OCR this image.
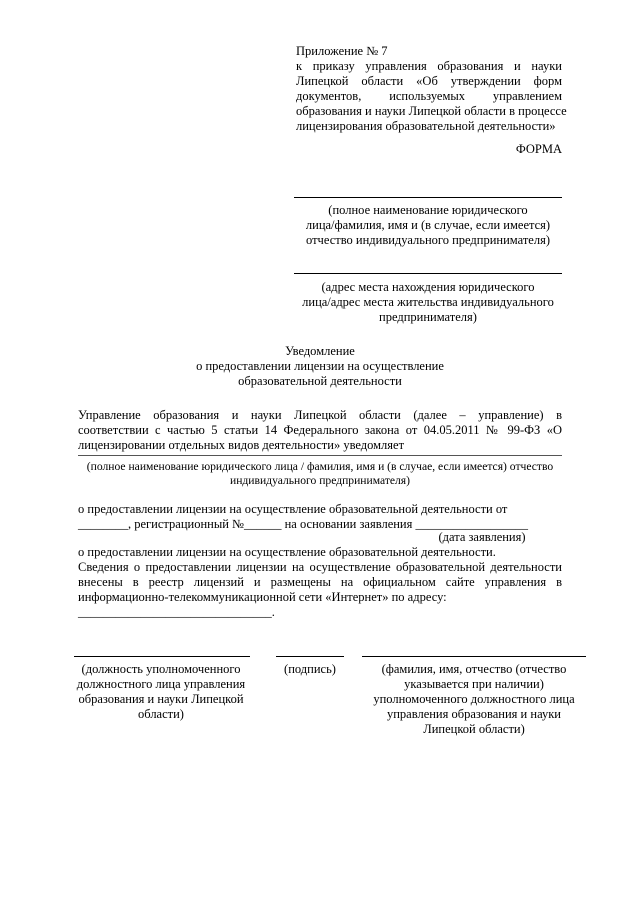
Приложение № 7
к приказу управления образования и науки
Липецкой области «Об утверждении форм
документов, используемых управлением
образования и науки Липецкой области в процессе
лицензирования образовательной деятельности»
ФОРМА
(полное наименование юридического
лица/фамилия, имя и (в случае, если имеется)
отчество индивидуального предпринимателя)
(адрес места нахождения юридического
лица/адрес места жительства индивидуального
предпринимателя)
Уведомление
о предоставлении лицензии на осуществление
образовательной деятельности
Управление образования и науки Липецкой области (далее – управление) в
соответствии с частью 5 статьи 14 Федерального закона от 04.05.2011 № 99-ФЗ «О
лицензировании отдельных видов деятельности» уведомляет
(полное наименование юридического лица / фамилия, имя и (в случае, если имеется) отчество
индивидуального предпринимателя)
о предоставлении лицензии на осуществление образовательной деятельности от
________, регистрационный №______ на основании заявления __________________
(дата заявления)
о предоставлении лицензии на осуществление образовательной деятельности.
Сведения о предоставлении лицензии на осуществление образовательной деятельности
внесены в реестр лицензий и размещены на официальном сайте управления в
информационно-телекоммуникационной сети «Интернет» по адресу:
_______________________________.
(должность уполномоченного
должностного лица управления
образования и науки Липецкой
области)
(подпись)	(фамилия, имя, отчество (отчество
указывается при наличии)
уполномоченного должностного лица
управления образования и науки
Липецкой области)
